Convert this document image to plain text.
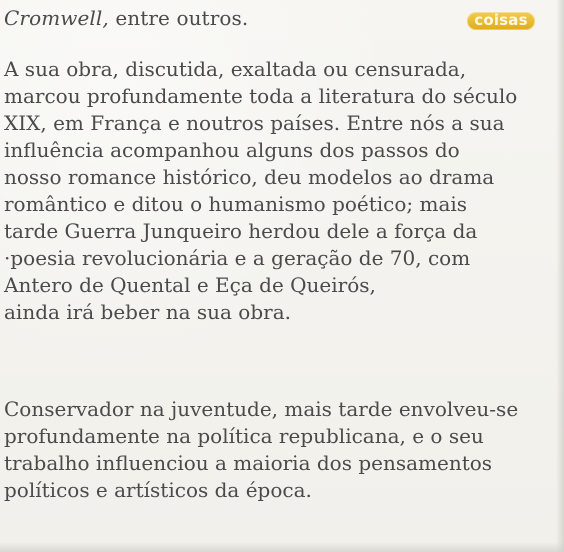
Cromwell, entre outros.	coisas
A sua obra, discutida, exaltada ou censurada,
marcou profundamente toda a literatura do século
XIX, em França e noutros países. Entre nós a sua
influência acompanhou alguns dos passos do
nosso romance histórico, deu modelos ao drama
romântico e ditou o humanismo poético; mais
tarde Guerra Junqueiro herdou dele a força da
·poesia revolucionária e a geração de 70, com
Antero de Quental e Eça de Queirós,
ainda irá beber na sua obra.
Conservador na juventude, mais tarde envolveu-se
profundamente na política republicana, e o seu
trabalho influenciou a maioria dos pensamentos
políticos e artísticos da época.
